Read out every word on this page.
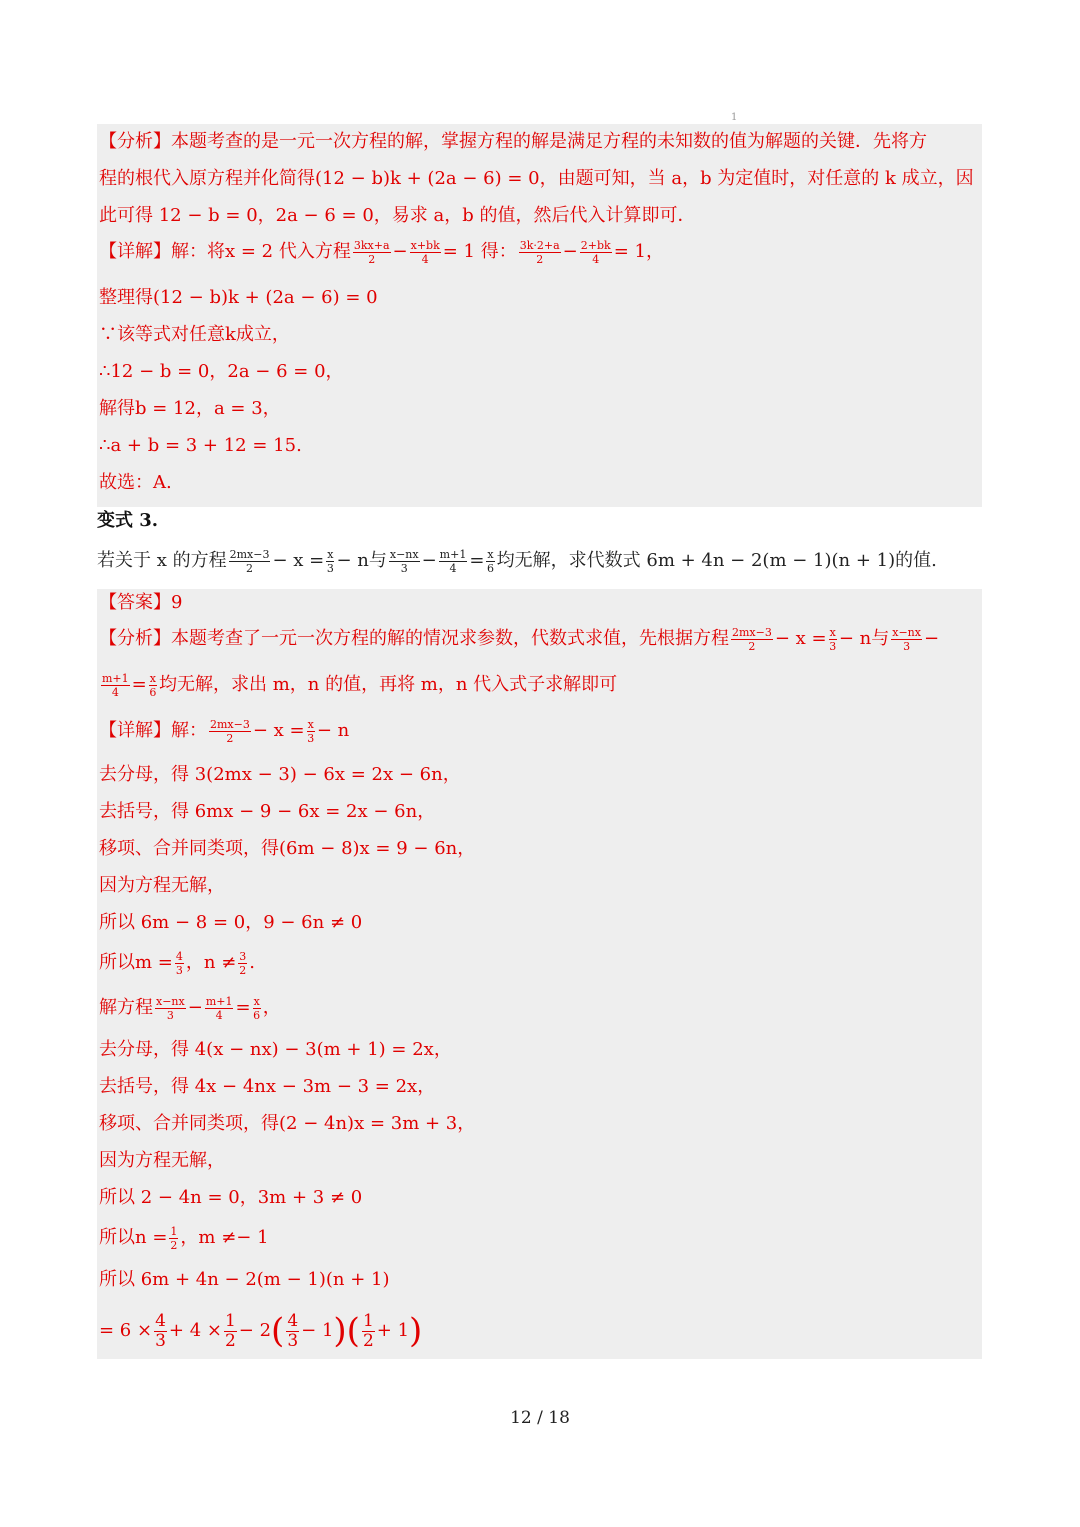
1
【分析】本题考查的是一元一次方程的解，掌握方程的解是满足方程的未知数的值为解题的关键．先将方
程的根代入原方程并化简得(12 − b)k + (2a − 6) = 0，由题可知，当 a，b 为定值时，对任意的 k 成立，因
此可得 12 − b = 0，2a − 6 = 0，易求 a，b 的值，然后代入计算即可．
【详解】解：将x = 2 代入方程 $\frac{3kx+a}{2} - \frac{x+bk}{4} = 1$ 得： $\frac{3k\cdot 2+a}{2} - \frac{2+bk}{4} = 1$，
整理得(12 − b)k + (2a − 6) = 0
∵该等式对任意k成立，
∴12 − b = 0，2a − 6 = 0，
解得b = 12，a = 3，
∴a + b = 3 + 12 = 15.
故选：A.
变式 3.
若关于 x 的方程 $\frac{2mx-3}{2} - x = \frac{x}{3} - n$与 $\frac{x-nx}{3} - \frac{m+1}{4} = \frac{x}{6}$ 均无解，求代数式 6m + 4n − 2(m − 1)(n + 1)的值.
【答案】9
【分析】本题考查了一元一次方程的解的情况求参数，代数式求值，先根据方程 $\frac{2mx-3}{2} - x = \frac{x}{3} - n$与 $\frac{x-nx}{3}$ −
$\frac{m+1}{4} = \frac{x}{6}$ 均无解，求出 m，n 的值，再将 m，n 代入式子求解即可
【详解】解： $\frac{2mx-3}{2} - x = \frac{x}{3} - n$
去分母，得 3(2mx − 3) − 6x = 2x − 6n，
去括号，得 6mx − 9 − 6x = 2x − 6n，
移项、合并同类项，得(6m − 8)x = 9 − 6n，
因为方程无解，
所以 6m − 8 = 0，9 − 6n ≠ 0
所以$m = \frac{4}{3}$ ，$n \ne \frac{3}{2}$ .
解方程 $\frac{x-nx}{3} - \frac{m+1}{4} = \frac{x}{6}$ ，
去分母，得 4(x − nx) − 3(m + 1) = 2x，
去括号，得 4x − 4nx − 3m − 3 = 2x，
移项、合并同类项，得(2 − 4n)x = 3m + 3，
因为方程无解，
所以 2 − 4n = 0，3m + 3 ≠ 0
所以$n = \frac{1}{2}$ ，m ≠− 1
所以 6m + 4n − 2(m − 1)(n + 1)
= $6 \times \frac{4}{3} + 4 \times \frac{1}{2} - 2( \frac{4}{3} - 1)( \frac{1}{2} + 1)$
12 / 18
